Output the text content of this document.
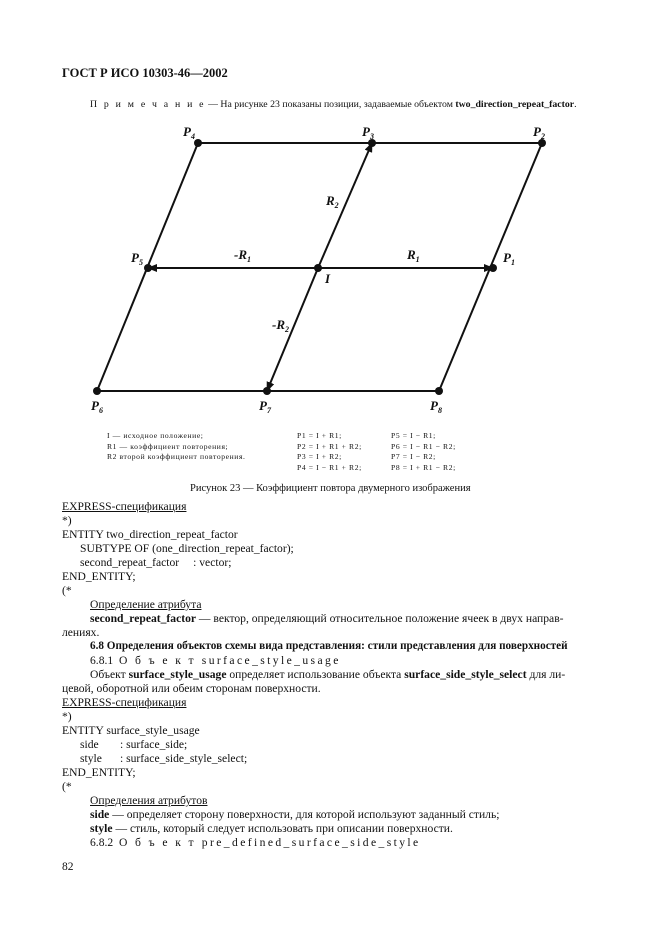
ГОСТ Р ИСО 10303-46—2002
П р и м е ч а н и е — На рисунке 23 показаны позиции, задаваемые объектом two_direction_repeat_factor.
$P_4$	$P_3$	$P_2$
$P_5$	$P_1$
I
$P_6$	$P_7$	$P_8$
$R_1$
$-R_1$
$R_2$
$-R_2$
I — исходное положение;
R1 — коэффициент повторения;
R2 второй коэффициент повторения.
P1 = I + R1;
P2 = I + R1 + R2;
P3 = I + R2;
P4 = I − R1 + R2;
P5 = I − R1;
P6 = I − R1 − R2;
P7 = I − R2;
P8 = I + R1 − R2;
Рисунок 23 — Коэффициент повтора двумерного изображения
EXPRESS-спецификация
*)
ENTITY two_direction_repeat_factor
SUBTYPE OF (one_direction_repeat_factor);
second_repeat_factor : vector;
END_ENTITY;
(*
Определение атрибута
second_repeat_factor — вектор, определяющий относительное положение ячеек в двух направ-
лениях.
6.8 Определения объектов схемы вида представления: стили представления для поверхностей
6.8.1 О б ъ е к т surface_style_usage
Объект surface_style_usage определяет использование объекта surface_side_style_select для ли-
цевой, оборотной или обеим сторонам поверхности.
EXPRESS-спецификация
*)
ENTITY surface_style_usage
side : surface_side;
style : surface_side_style_select;
END_ENTITY;
(*
Определения атрибутов
side — определяет сторону поверхности, для которой используют заданный стиль;
style — стиль, который следует использовать при описании поверхности.
6.8.2 О б ъ е к т pre_defined_surface_side_style
82
